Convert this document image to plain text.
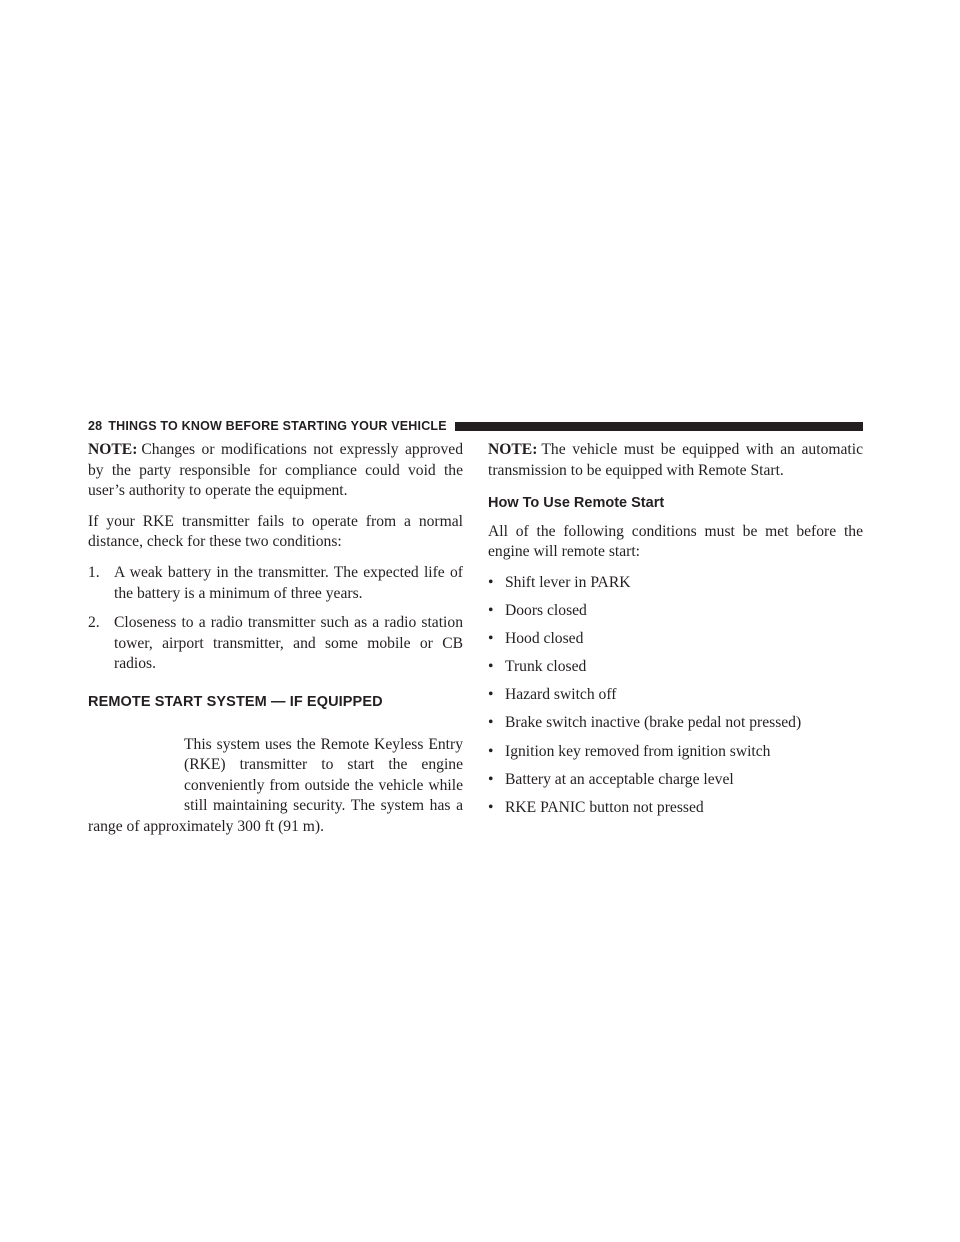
28 THINGS TO KNOW BEFORE STARTING YOUR VEHICLE

NOTE: Changes or modifications not expressly approved by the party responsible for compliance could void the user’s authority to operate the equipment.

If your RKE transmitter fails to operate from a normal distance, check for these two conditions:

1. A weak battery in the transmitter. The expected life of the battery is a minimum of three years.
2. Closeness to a radio transmitter such as a radio station tower, airport transmitter, and some mobile or CB radios.
REMOTE START SYSTEM — IF EQUIPPED

This system uses the Remote Keyless Entry (RKE) transmitter to start the engine conveniently from outside the vehicle while still maintaining security. The system has a range of approximately 300 ft (91 m).

NOTE: The vehicle must be equipped with an automatic transmission to be equipped with Remote Start.

How To Use Remote Start

All of the following conditions must be met before the engine will remote start:

• Shift lever in PARK
• Doors closed
• Hood closed
• Trunk closed
• Hazard switch off
• Brake switch inactive (brake pedal not pressed)
• Ignition key removed from ignition switch
• Battery at an acceptable charge level
• RKE PANIC button not pressed
